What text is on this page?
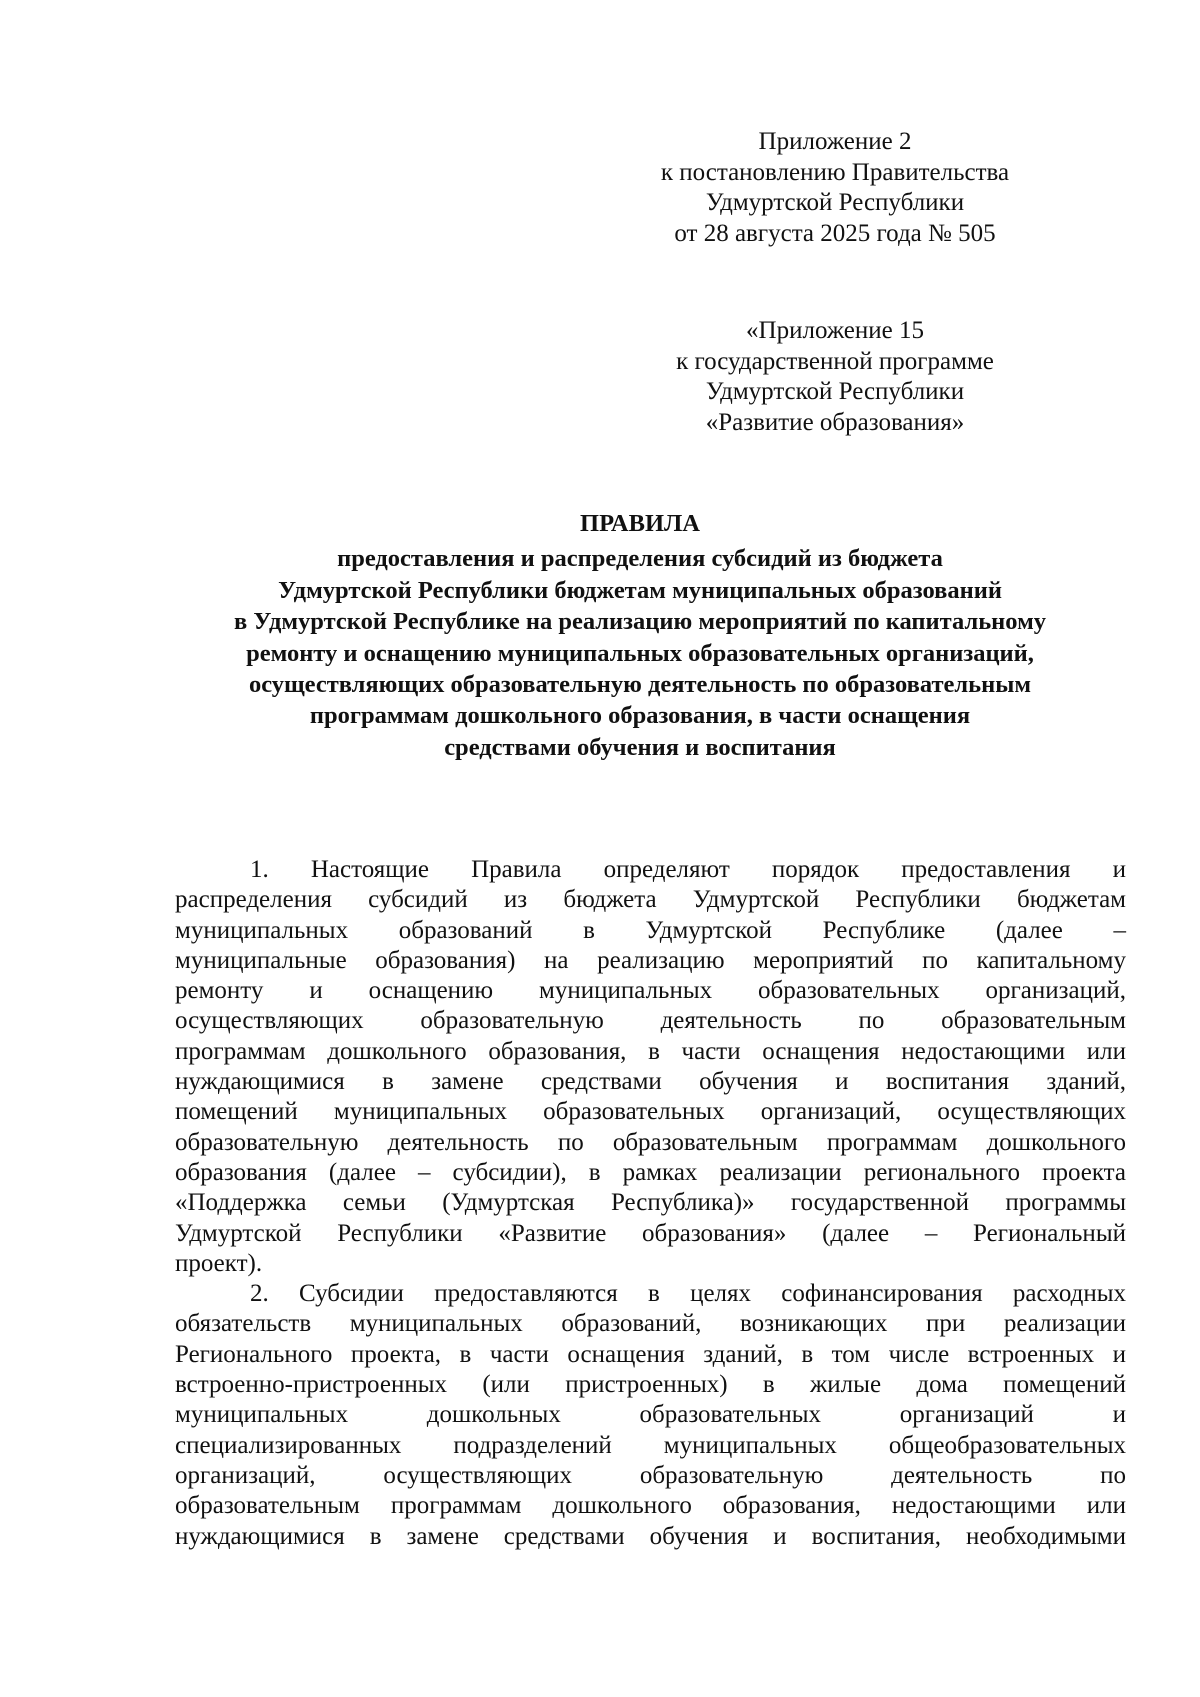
Приложение 2
к постановлению Правительства
Удмуртской Республики
от 28 августа 2025 года № 505
«Приложение 15
к государственной программе
Удмуртской Республики
«Развитие образования»
ПРАВИЛА
предоставления и распределения субсидий из бюджета
Удмуртской Республики бюджетам муниципальных образований
в Удмуртской Республике на реализацию мероприятий по капитальному
ремонту и оснащению муниципальных образовательных организаций,
осуществляющих образовательную деятельность по образовательным
программам дошкольного образования, в части оснащения
средствами обучения и воспитания
1. Настоящие Правила определяют порядок предоставления и
распределения субсидий из бюджета Удмуртской Республики бюджетам
муниципальных образований в Удмуртской Республике (далее –
муниципальные образования) на реализацию мероприятий по капитальному
ремонту и оснащению муниципальных образовательных организаций,
осуществляющих образовательную деятельность по образовательным
программам дошкольного образования, в части оснащения недостающими или
нуждающимися в замене средствами обучения и воспитания зданий,
помещений муниципальных образовательных организаций, осуществляющих
образовательную деятельность по образовательным программам дошкольного
образования (далее – субсидии), в рамках реализации регионального проекта
«Поддержка семьи (Удмуртская Республика)» государственной программы
Удмуртской Республики «Развитие образования» (далее – Региональный
проект).
2. Субсидии предоставляются в целях софинансирования расходных
обязательств муниципальных образований, возникающих при реализации
Регионального проекта, в части оснащения зданий, в том числе встроенных и
встроенно-пристроенных (или пристроенных) в жилые дома помещений
муниципальных дошкольных образовательных организаций и
специализированных подразделений муниципальных общеобразовательных
организаций, осуществляющих образовательную деятельность по
образовательным программам дошкольного образования, недостающими или
нуждающимися в замене средствами обучения и воспитания, необходимыми
